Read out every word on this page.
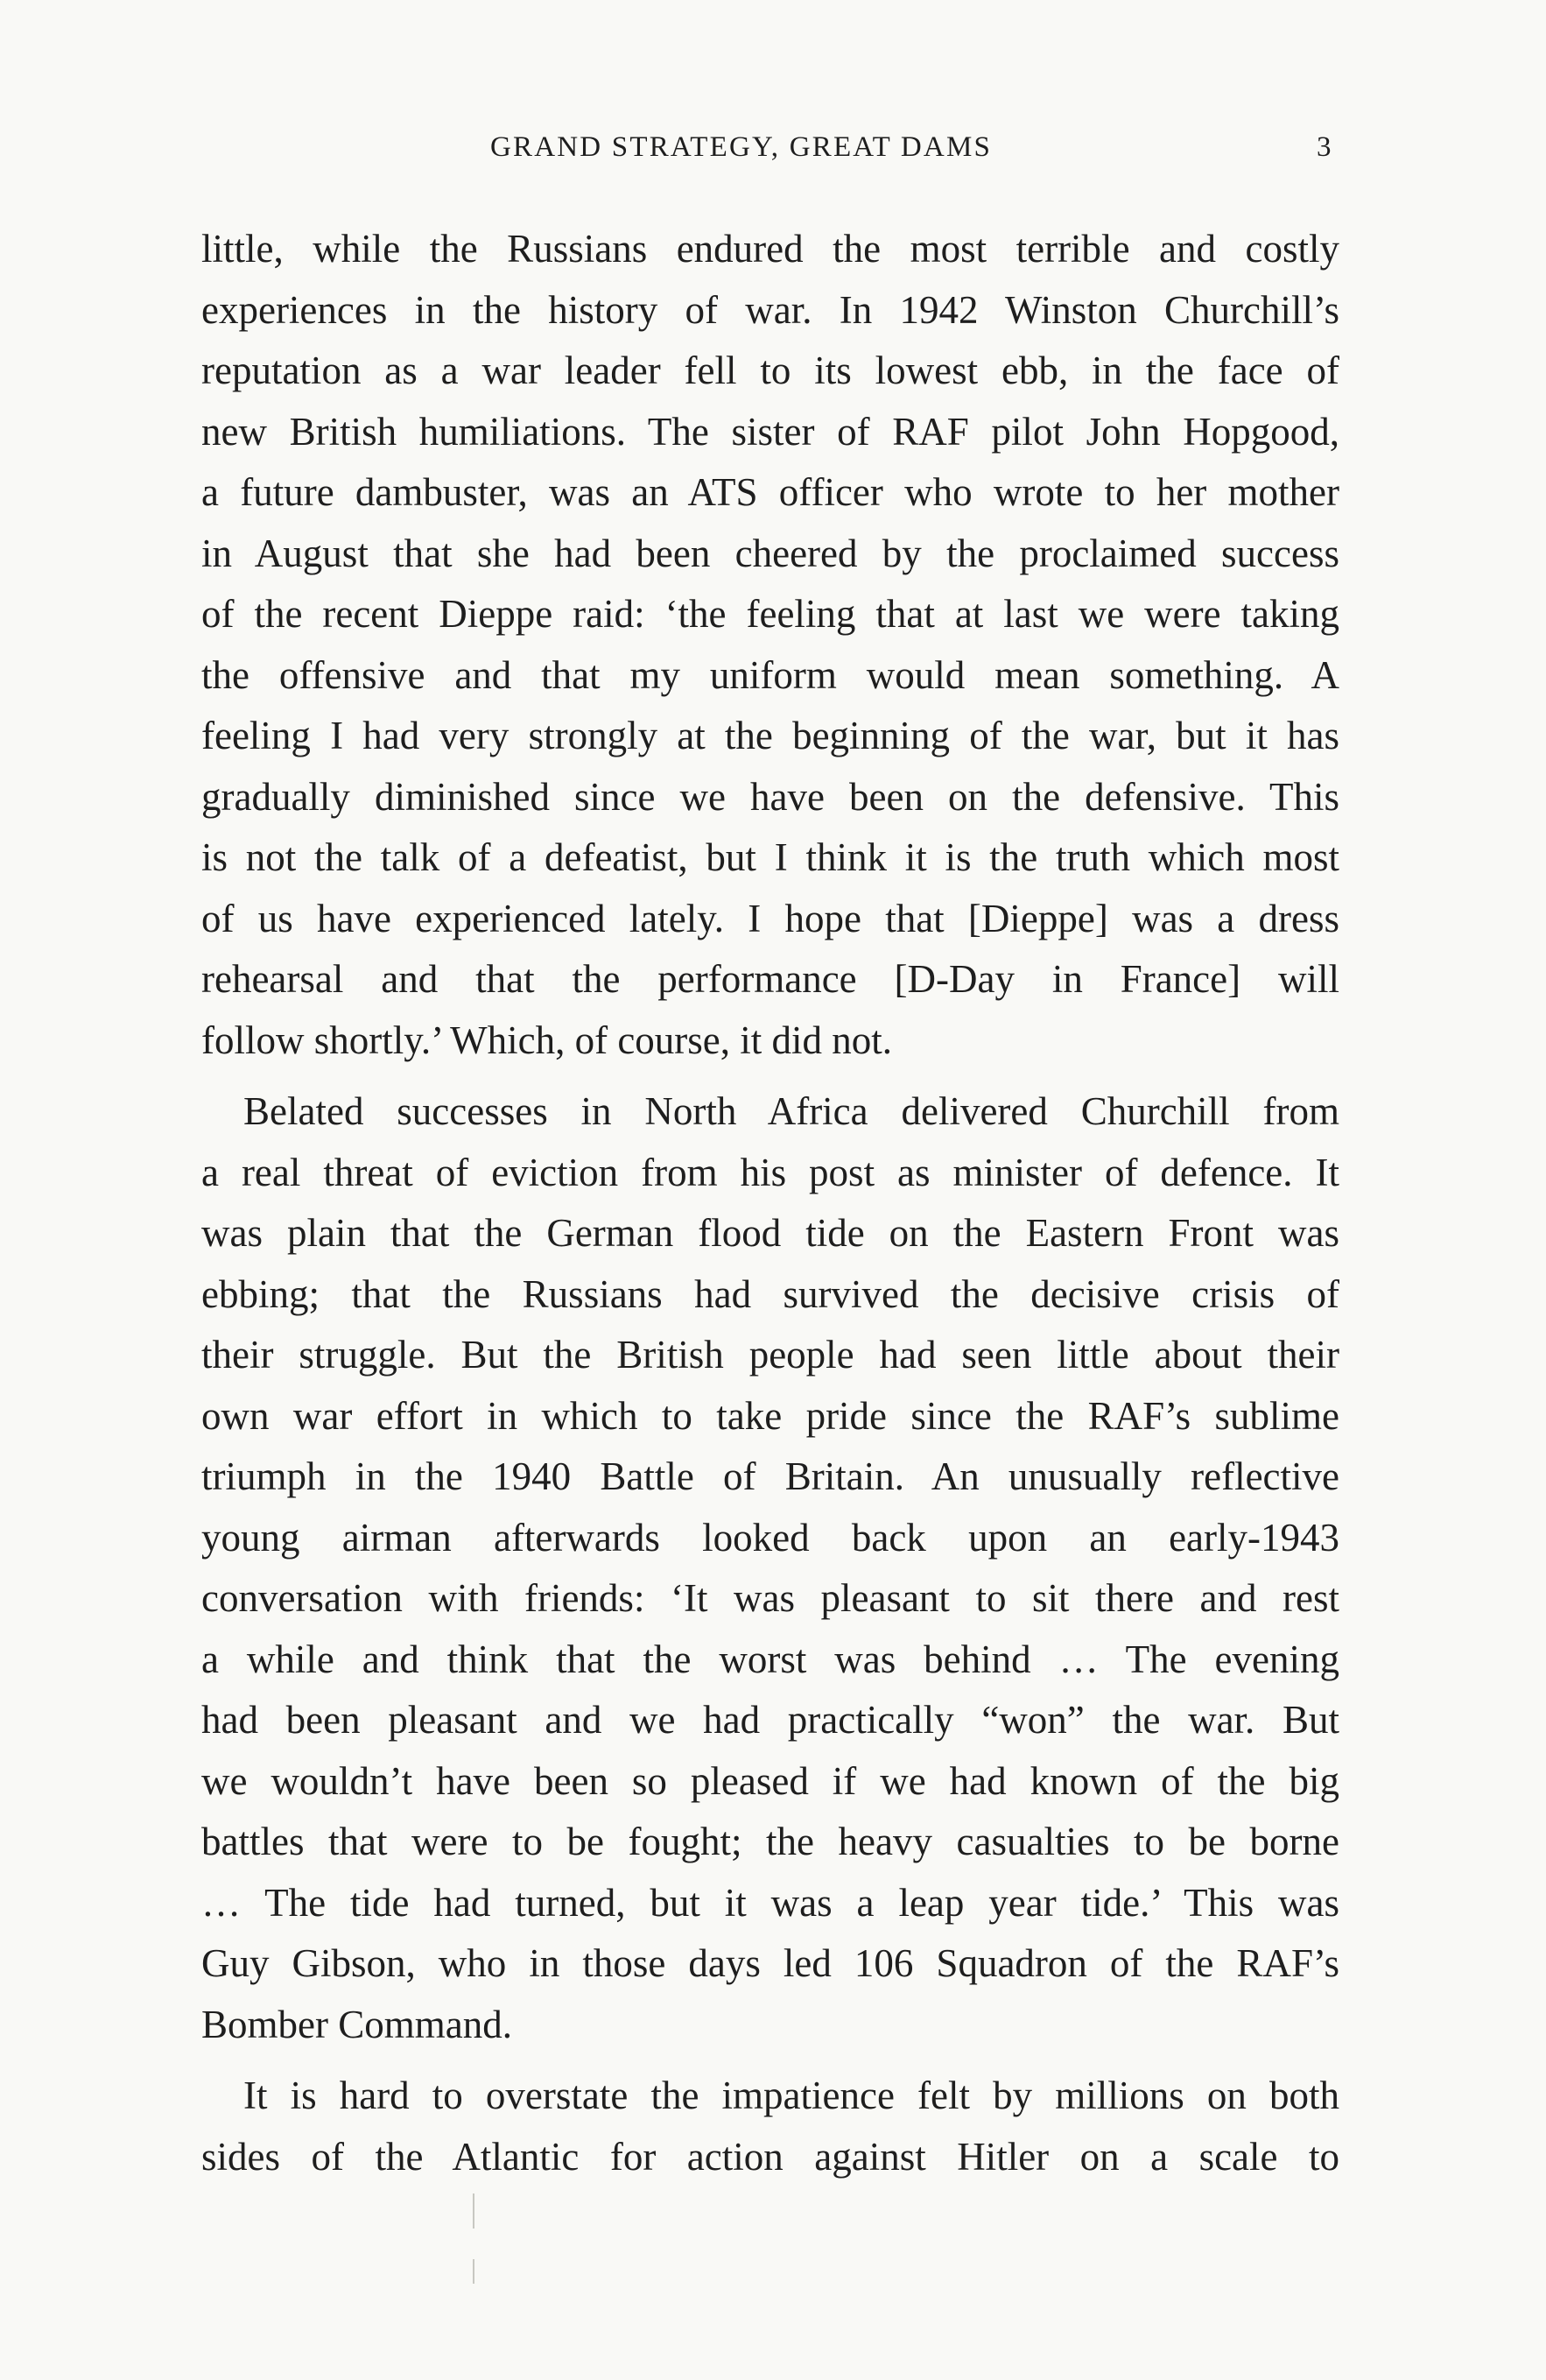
GRAND STRATEGY, GREAT DAMS	3

little, while the Russians endured the most terrible and costly
experiences in the history of war. In 1942 Winston Churchill’s
reputation as a war leader fell to its lowest ebb, in the face of
new British humiliations. The sister of RAF pilot John Hopgood,
a future dambuster, was an ATS officer who wrote to her mother
in August that she had been cheered by the proclaimed success
of the recent Dieppe raid: ‘the feeling that at last we were taking
the offensive and that my uniform would mean something. A
feeling I had very strongly at the beginning of the war, but it has
gradually diminished since we have been on the defensive. This
is not the talk of a defeatist, but I think it is the truth which most
of us have experienced lately. I hope that [Dieppe] was a dress
rehearsal and that the performance [D-Day in France] will
follow shortly.’ Which, of course, it did not.

Belated successes in North Africa delivered Churchill from
a real threat of eviction from his post as minister of defence. It
was plain that the German flood tide on the Eastern Front was
ebbing; that the Russians had survived the decisive crisis of
their struggle. But the British people had seen little about their
own war effort in which to take pride since the RAF’s sublime
triumph in the 1940 Battle of Britain. An unusually reflective
young airman afterwards looked back upon an early-1943
conversation with friends: ‘It was pleasant to sit there and rest
a while and think that the worst was behind … The evening
had been pleasant and we had practically “won” the war. But
we wouldn’t have been so pleased if we had known of the big
battles that were to be fought; the heavy casualties to be borne
… The tide had turned, but it was a leap year tide.’ This was
Guy Gibson, who in those days led 106 Squadron of the RAF’s
Bomber Command.

It is hard to overstate the impatience felt by millions on both
sides of the Atlantic for action against Hitler on a scale to
